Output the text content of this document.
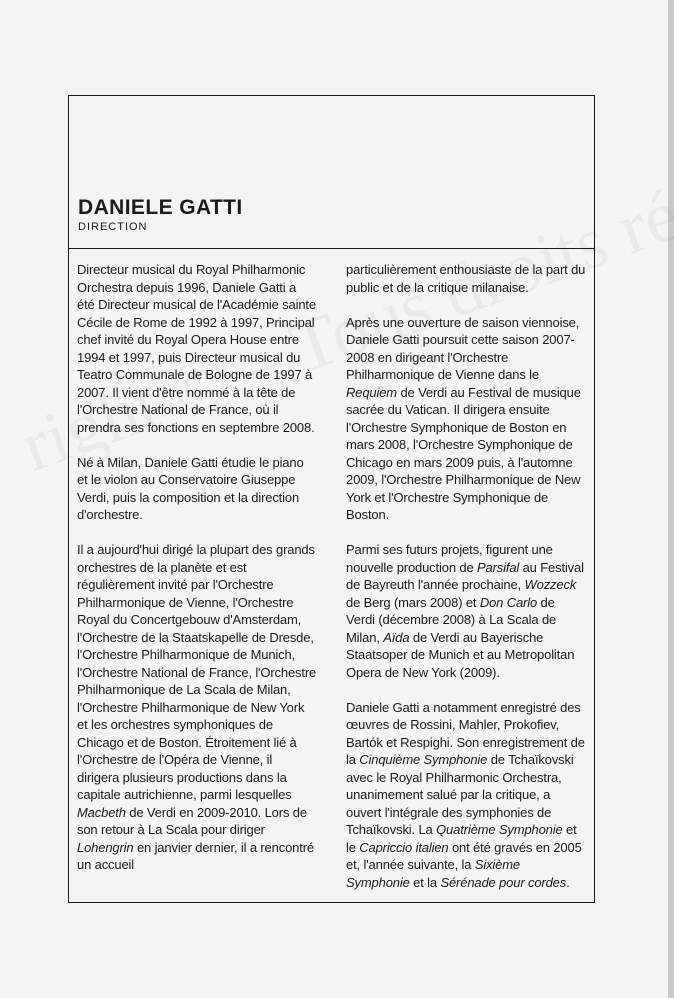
DANIELE GATTI
DIRECTION

Directeur musical du Royal Philharmonic Orchestra depuis 1996, Daniele Gatti a été Directeur musical de l'Académie sainte Cécile de Rome de 1992 à 1997, Principal chef invité du Royal Opera House entre 1994 et 1997, puis Directeur musical du Teatro Communale de Bologne de 1997 à 2007. Il vient d'être nommé à la tête de l'Orchestre National de France, où il prendra ses fonctions en septembre 2008.

Né à Milan, Daniele Gatti étudie le piano et le violon au Conservatoire Giuseppe Verdi, puis la composition et la direction d'orchestre.

Il a aujourd'hui dirigé la plupart des grands orchestres de la planète et est régulièrement invité par l'Orchestre Philharmonique de Vienne, l'Orchestre Royal du Concertgebouw d'Amsterdam, l'Orchestre de la Staatskapelle de Dresde, l'Orchestre Philharmonique de Munich, l'Orchestre National de France, l'Orchestre Philharmonique de La Scala de Milan, l'Orchestre Philharmonique de New York et les orchestres symphoniques de Chicago et de Boston. Étroitement lié à l'Orchestre de l'Opéra de Vienne, il dirigera plusieurs productions dans la capitale autrichienne, parmi lesquelles Macbeth de Verdi en 2009-2010. Lors de son retour à La Scala pour diriger Lohengrin en janvier dernier, il a rencontré un accueil

particulièrement enthousiaste de la part du public et de la critique milanaise.

Après une ouverture de saison viennoise, Daniele Gatti poursuit cette saison 2007-2008 en dirigeant l'Orchestre Philharmonique de Vienne dans le Requiem de Verdi au Festival de musique sacrée du Vatican. Il dirigera ensuite l'Orchestre Symphonique de Boston en mars 2008, l'Orchestre Symphonique de Chicago en mars 2009 puis, à l'automne 2009, l'Orchestre Philharmonique de New York et l'Orchestre Symphonique de Boston.

Parmi ses futurs projets, figurent une nouvelle production de Parsifal au Festival de Bayreuth l'année prochaine, Wozzeck de Berg (mars 2008) et Don Carlo de Verdi (décembre 2008) à La Scala de Milan, Aïda de Verdi au Bayerische Staatsoper de Munich et au Metropolitan Opera de New York (2009).

Daniele Gatti a notamment enregistré des œuvres de Rossini, Mahler, Prokofiev, Bartók et Respighi. Son enregistrement de la Cinquième Symphonie de Tchaïkovski avec le Royal Philharmonic Orchestra, unanimement salué par la critique, a ouvert l'intégrale des symphonies de Tchaïkovski. La Quatrième Symphonie et le Capriccio italien ont été gravés en 2005 et, l'année suivante, la Sixième Symphonie et la Sérénade pour cordes.
